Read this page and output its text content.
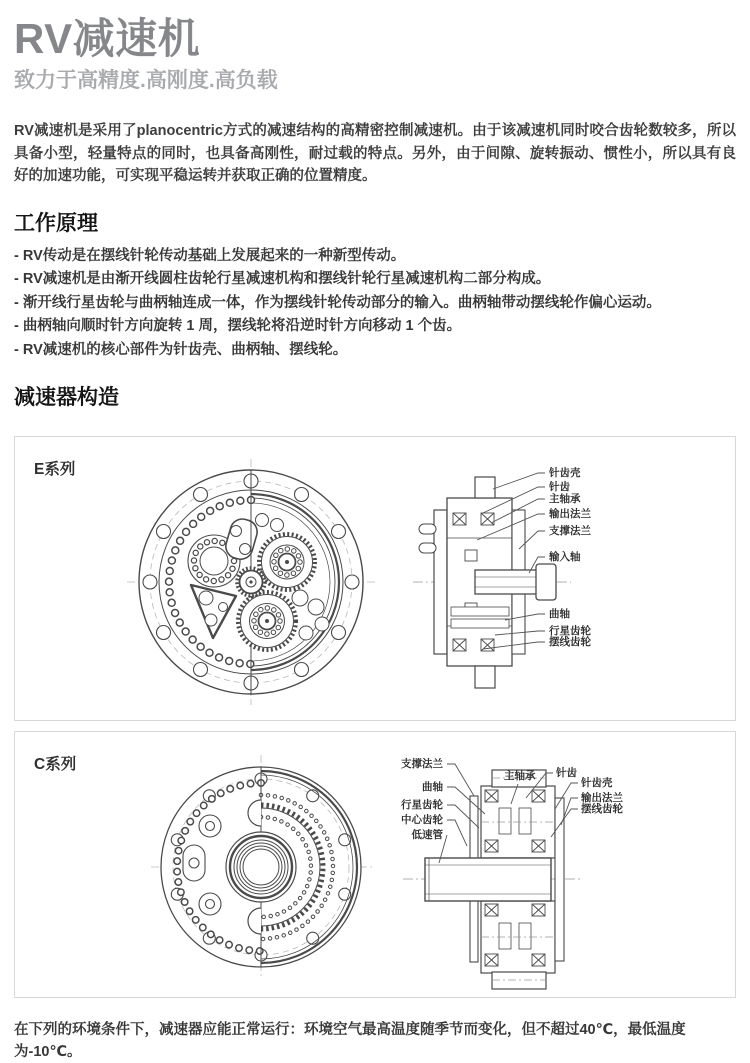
RV减速机
致力于高精度.高刚度.高负载

RV减速机是采用了planocentric方式的减速结构的高精密控制减速机。由于该减速机同时咬合齿轮数较多，所以具备小型，轻量特点的同时，也具备高刚性，耐过载的特点。另外，由于间隙、旋转振动、惯性小，所以具有良好的加速功能，可实现平稳运转并获取正确的位置精度。

工作原理
- RV传动是在摆线针轮传动基础上发展起来的一种新型传动。
- RV减速机是由渐开线圆柱齿轮行星减速机构和摆线针轮行星减速机构二部分构成。
- 渐开线行星齿轮与曲柄轴连成一体，作为摆线针轮传动部分的输入。曲柄轴带动摆线轮作偏心运动。
- 曲柄轴向顺时针方向旋转 1 周，摆线轮将沿逆时针方向移动 1 个齿。
- RV减速机的核心部件为针齿壳、曲柄轴、摆线轮。
减速器构造
E系列	针齿壳
针齿
主轴承
输出法兰
支撑法兰
输入轴
曲轴
行星齿轮
摆线齿轮
C系列	支撑法兰
曲轴
行星齿轮
中心齿轮
低速管
主轴承 针齿
针齿壳
输出法兰
摆线齿轮

在下列的环境条件下，减速器应能正常运行：环境空气最高温度随季节而变化，但不超过40℃，最低温度为-10℃。
